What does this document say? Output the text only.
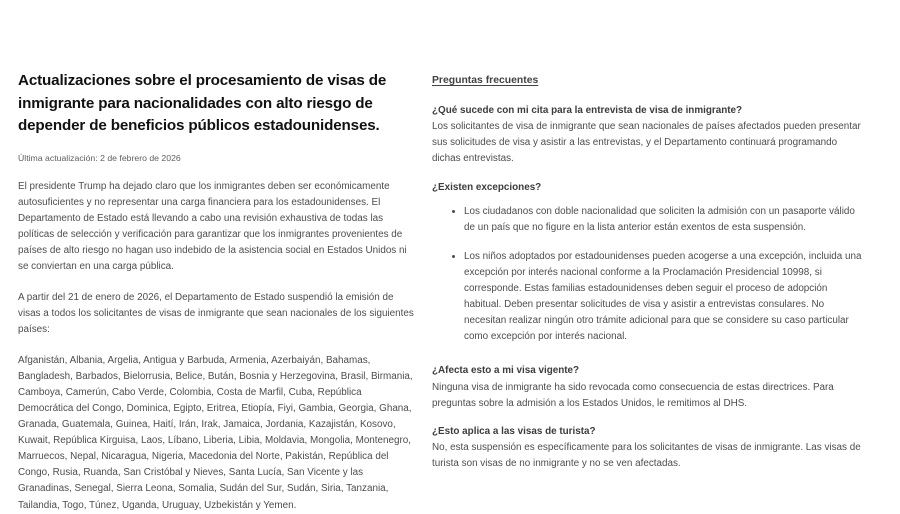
Actualizaciones sobre el procesamiento de visas de inmigrante para nacionalidades con alto riesgo de depender de beneficios públicos estadounidenses.

Última actualización: 2 de febrero de 2026

El presidente Trump ha dejado claro que los inmigrantes deben ser económicamente autosuficientes y no representar una carga financiera para los estadounidenses. El Departamento de Estado está llevando a cabo una revisión exhaustiva de todas las políticas de selección y verificación para garantizar que los inmigrantes provenientes de países de alto riesgo no hagan uso indebido de la asistencia social en Estados Unidos ni se conviertan en una carga pública.

A partir del 21 de enero de 2026, el Departamento de Estado suspendió la emisión de visas a todos los solicitantes de visas de inmigrante que sean nacionales de los siguientes países:

Afganistán, Albania, Argelia, Antigua y Barbuda, Armenia, Azerbaiyán, Bahamas, Bangladesh, Barbados, Bielorrusia, Belice, Bután, Bosnia y Herzegovina, Brasil, Birmania, Camboya, Camerún, Cabo Verde, Colombia, Costa de Marfil, Cuba, República Democrática del Congo, Dominica, Egipto, Eritrea, Etiopía, Fiyi, Gambia, Georgia, Ghana, Granada, Guatemala, Guinea, Haití, Irán, Irak, Jamaica, Jordania, Kazajistán, Kosovo, Kuwait, República Kirguisa, Laos, Líbano, Liberia, Libia, Moldavia, Mongolia, Montenegro, Marruecos, Nepal, Nicaragua, Nigeria, Macedonia del Norte, Pakistán, República del Congo, Rusia, Ruanda, San Cristóbal y Nieves, Santa Lucía, San Vicente y las Granadinas, Senegal, Sierra Leona, Somalia, Sudán del Sur, Sudán, Siria, Tanzania, Tailandia, Togo, Túnez, Uganda, Uruguay, Uzbekistán y Yemen.

Preguntas frecuentes

¿Qué sucede con mi cita para la entrevista de visa de inmigrante?

Los solicitantes de visa de inmigrante que sean nacionales de países afectados pueden presentar sus solicitudes de visa y asistir a las entrevistas, y el Departamento continuará programando dichas entrevistas.

¿Existen excepciones?

Los ciudadanos con doble nacionalidad que soliciten la admisión con un pasaporte válido de un país que no figure en la lista anterior están exentos de esta suspensión.
Los niños adoptados por estadounidenses pueden acogerse a una excepción, incluida una excepción por interés nacional conforme a la Proclamación Presidencial 10998, si corresponde. Estas familias estadounidenses deben seguir el proceso de adopción habitual. Deben presentar solicitudes de visa y asistir a entrevistas consulares. No necesitan realizar ningún otro trámite adicional para que se considere su caso particular como excepción por interés nacional.

¿Afecta esto a mi visa vigente?

Ninguna visa de inmigrante ha sido revocada como consecuencia de estas directrices. Para preguntas sobre la admisión a los Estados Unidos, le remitimos al DHS.

¿Esto aplica a las visas de turista?

No, esta suspensión es específicamente para los solicitantes de visas de inmigrante. Las visas de turista son visas de no inmigrante y no se ven afectadas.
